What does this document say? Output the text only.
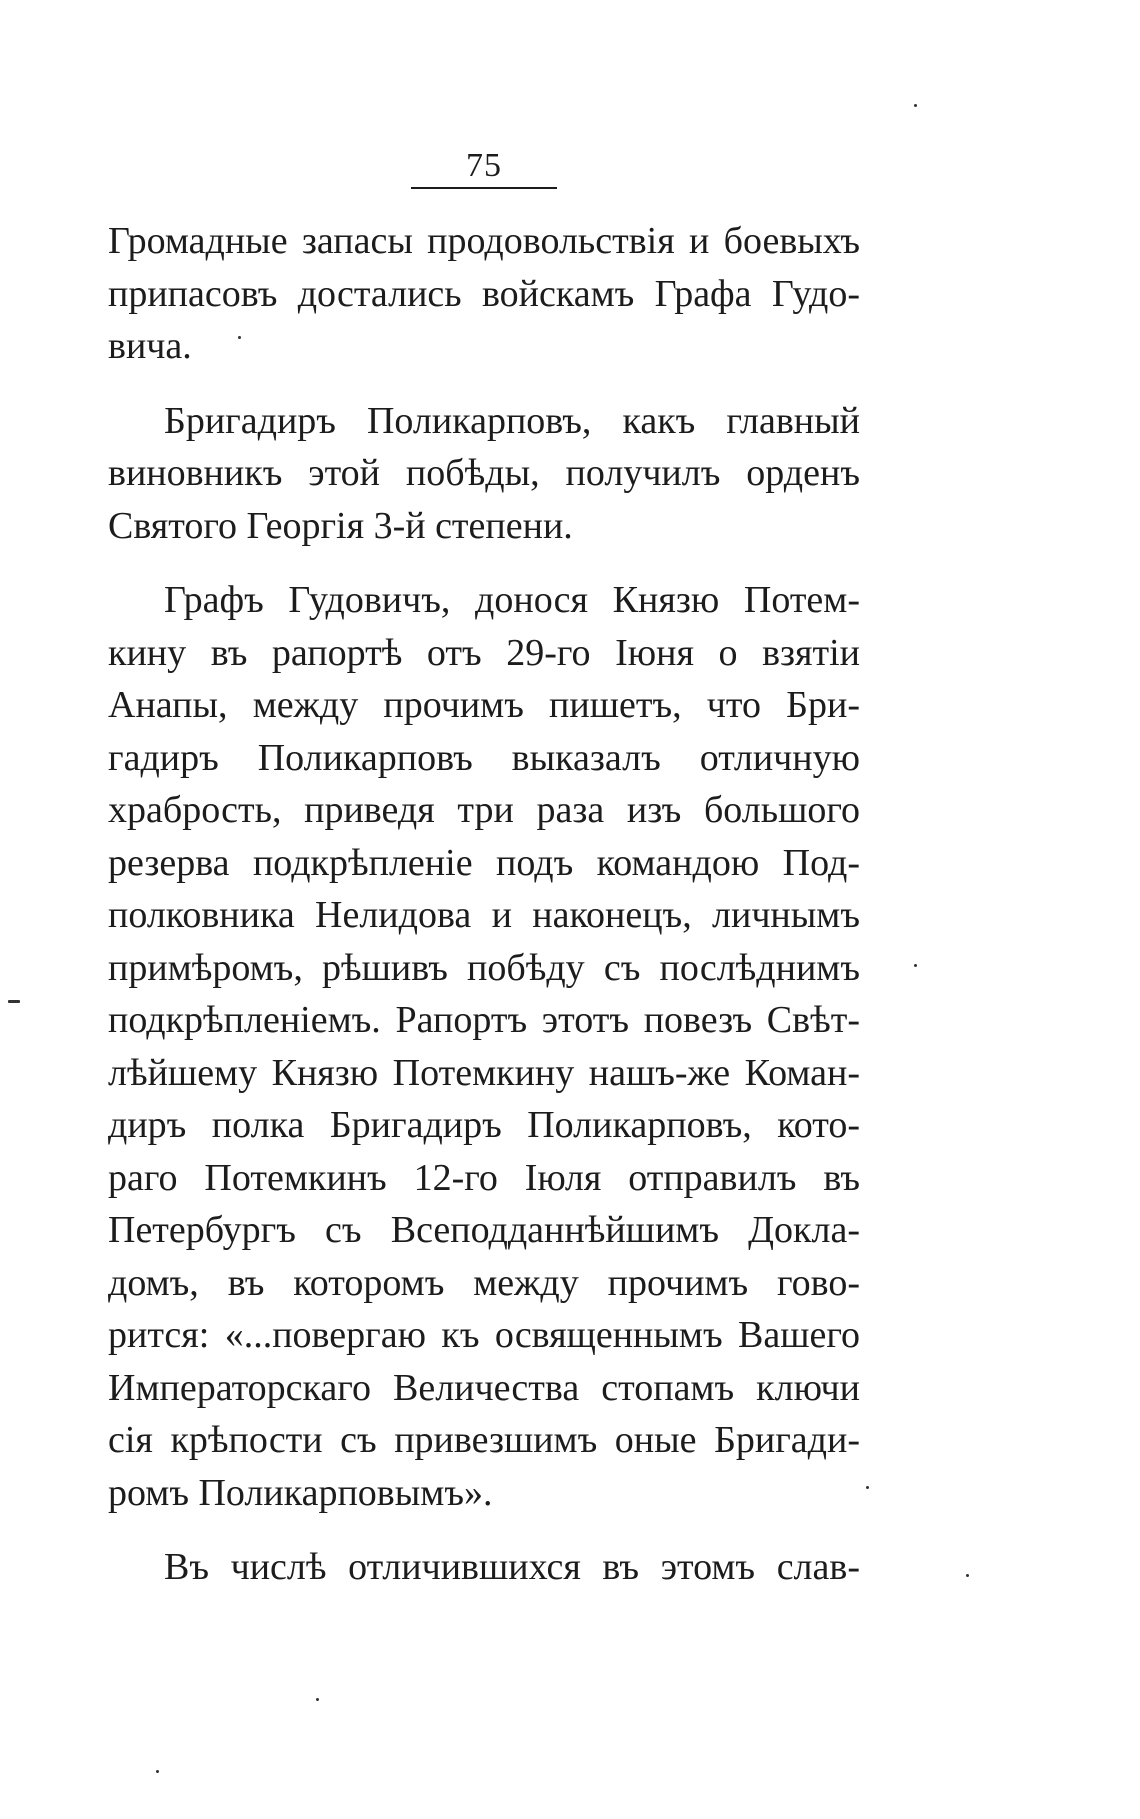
75
Громадные запасы продовольствія и боевыхъ
припасовъ достались войскамъ Графа Гудо-
вича.
Бригадиръ Поликарповъ, какъ главный
виновникъ этой побѣды, получилъ орденъ
Святого Георгія 3-й степени.
Графъ Гудовичъ, донося Князю Потем-
кину въ рапортѣ отъ 29-го Іюня о взятіи
Анапы, между прочимъ пишетъ, что Бри-
гадиръ Поликарповъ выказалъ отличную
храбрость, приведя три раза изъ большого
резерва подкрѣпленіе подъ командою Под-
полковника Нелидова и наконецъ, личнымъ
примѣромъ, рѣшивъ побѣду съ послѣднимъ
подкрѣпленіемъ. Рапортъ этотъ повезъ Свѣт-
лѣйшему Князю Потемкину нашъ-же Коман-
диръ полка Бригадиръ Поликарповъ, кото-
раго Потемкинъ 12-го Іюля отправилъ въ
Петербургъ съ Всеподданнѣйшимъ Доклa-
домъ, въ которомъ между прочимъ гово-
рится: «...повергаю къ освященнымъ Вашего
Императорскаго Величества стопамъ ключи
сія крѣпости съ привезшимъ оные Бригади-
ромъ Поликарповымъ».
Въ числѣ отличившихся въ этомъ слав-
